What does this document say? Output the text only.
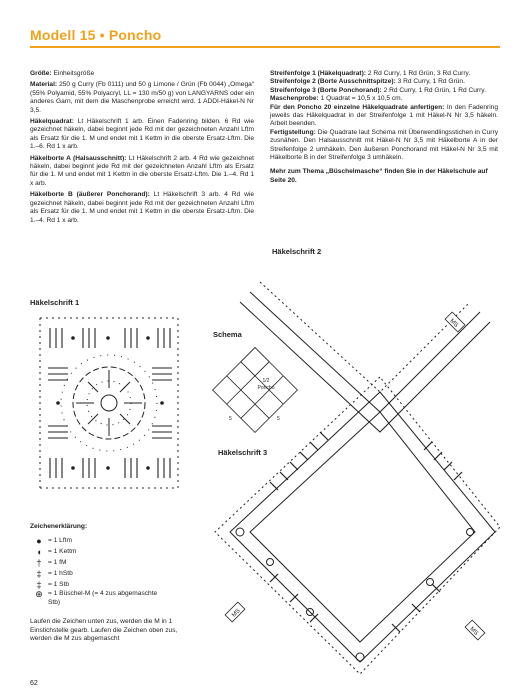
Modell 15 • Poncho

Größe: Einheitsgröße

Material: 250 g Curry (Fb 0111) und 50 g Limone / Grün (Fb 0044) „Omega“ (55% Polyamid, 55% Polyacryl, LL = 130 m/50 g) von LANGYARNS oder ein anderes Garn, mit dem die Maschenprobe erreicht wird. 1 ADDI-Häkel-N Nr 3,5.

Häkelquadrat: Lt Häkelschrift 1 arb. Einen Fadenring bilden. 6 Rd wie gezeichnet häkeln, dabei beginnt jede Rd mit der gezeichneten Anzahl Lftm als Ersatz für die 1. M und endet mit 1 Kettm in die oberste Ersatz-Lftm. Die 1.–6. Rd 1 x arb.

Häkelborte A (Halsausschnitt): Lt Häkelschrift 2 arb. 4 Rd wie gezeichnet häkeln, dabei beginnt jede Rd mit der gezeichneten Anzahl Lftm als Ersatz für die 1. M und endet mit 1 Kettm in die oberste Ersatz-Lftm. Die 1.–4. Rd 1 x arb.

Häkelborte B (äußerer Ponchorand): Lt Häkelschrift 3 arb. 4 Rd wie gezeichnet häkeln, dabei beginnt jede Rd mit der gezeichneten Anzahl Lftm als Ersatz für die 1. M und endet mit 1 Kettm in die oberste Ersatz-Lftm. Die 1.–4. Rd 1 x arb.

Streifenfolge 1 (Häkelquadrat): 2 Rd Curry, 1 Rd Grün, 3 Rd Curry.

Streifenfolge 2 (Borte Ausschnittspitze): 3 Rd Curry, 1 Rd Grün.

Streifenfolge 3 (Borte Ponchorand): 2 Rd Curry, 1 Rd Grün, 1 Rd Curry.

Maschenprobe: 1 Quadrat = 10,5 x 10,5 cm.

Für den Poncho 20 einzelne Häkelquadrate anfertigen: In den Fadenring jeweils das Häkelquadrat in der Streifenfolge 1 mit Häkel-N Nr 3,5 häkeln. Arbeit beenden.

Fertigstellung: Die Quadrate laut Schema mit Überwendlingsstichen in Curry zusnähen. Den Halsausschnitt mit Häkel-N Nr 3,5 mit Häkelborte A in der Streifenfolge 2 umhäkeln. Den äußeren Ponchorand mit Häkel-N Nr 3,5 mit Häkelborte B in der Streifenfolge 3 umhäkeln.

Mehr zum Thema „Büschelmasche“ finden Sie in der Häkelschule auf Seite 20.

Häkelschrift 1
Häkelschrift 2
Schema
Häkelschrift 3
MS
MS
MS
1/2
Poncho
5	5
Zeichenerklärung:
● = 1 Lftm
◖ = 1 Kettm
† = 1 fM
‡ = 1 hStb
‡ = 1 Stb
⊕ = 1 Büschel-M (= 4 zus abgemaschte Stb)
Laufen die Zeichen unten zus, werden die M in 1 Einstichstelle gearb. Laufen die Zeichen oben zus, werden die M zus abgemascht
62
